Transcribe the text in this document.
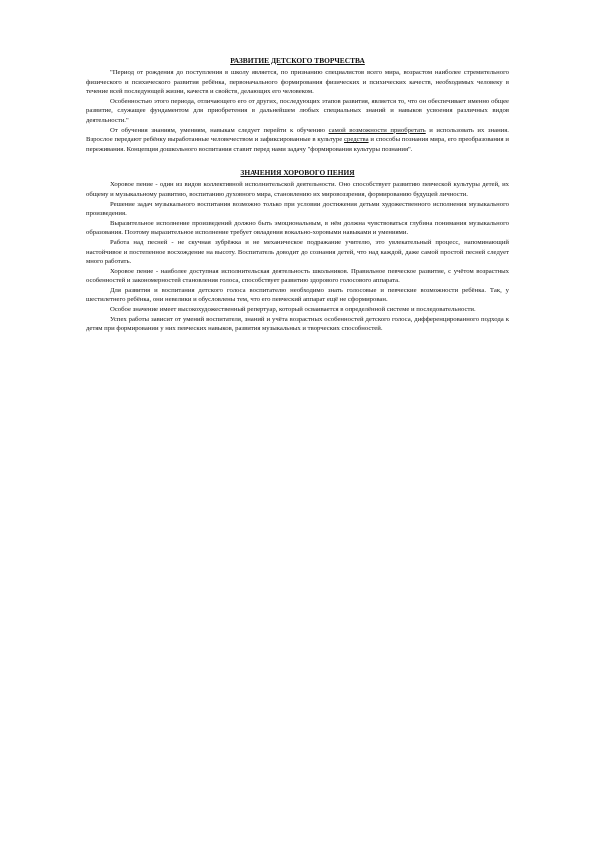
РАЗВИТИЕ ДЕТСКОГО ТВОРЧЕСТВА

"Период от рождения до поступления в школу является, по признанию специалистов всего мира, возрастом наиболее стремительного физического и психического развития ребёнка, первоначального формирования физических и психических качеств, необходимых человеку в течение всей последующей жизни, качеств и свойств, делающих его человеком.

Особенностью этого периода, отличающего его от других, последующих этапов развития, является то, что он обеспечивает именно общее развитие, служащее фундаментом для приобретения в дальнейшем любых специальных знаний и навыков усвоения различных видов деятельности."

От обучения знаниям, умениям, навыкам следует перейти к обучению самой возможности приобретать и использовать их знания. Взрослое передают ребёнку выработанные человечеством и зафиксированные в культуре средства и способы познания мира, его преобразования и переживания. Концепция дошкольного воспитания ставит перед нами задачу "формирования культуры познания".

ЗНАЧЕНИЯ ХОРОВОГО ПЕНИЯ

Хоровое пение - один из видов коллективной исполнительской деятельности. Оно способствует развитию певческой культуры детей, их общему и музыкальному развитию, воспитанию духовного мира, становлению их мировоззрения, формированию будущей личности.

Решение задач музыкального воспитания возможно только при условии достижения детьми художественного исполнения музыкального произведения.

Выразительное исполнение произведений должно быть эмоциональным, в нём должна чувствоваться глубина понимания музыкального образования. Поэтому выразительное исполнение требует овладения вокально-хоровыми навыками и умениями.

Работа над песней - не скучная зубрёжка и не механическое подражание учителю, это увлекательный процесс, напоминающий настойчивое и постепенное восхождение на высоту. Воспитатель доводит до сознания детей, что над каждой, даже самой простой песней следует много работать.

Хоровое пение - наиболее доступная исполнительская деятельность школьников. Правильное певческое развитие, с учётом возрастных особенностей и закономерностей становления голоса, способствует развитию здорового голосового аппарата.

Для развития и воспитания детского голоса воспитателю необходимо знать голосовые и певческие возможности ребёнка. Так, у шестилетнего ребёнка, они невелики и обусловлены тем, что его певческий аппарат ещё не сформирован.

Особое значение имеет высокохудожественный репертуар, который осваивается в определённой системе и последовательности.

Успех работы зависит от умений воспитателя, знаний и учёта возрастных особенностей детского голоса, дифференцированного подхода к детям при формировании у них певческих навыков, развития музыкальных и творческих способностей.
